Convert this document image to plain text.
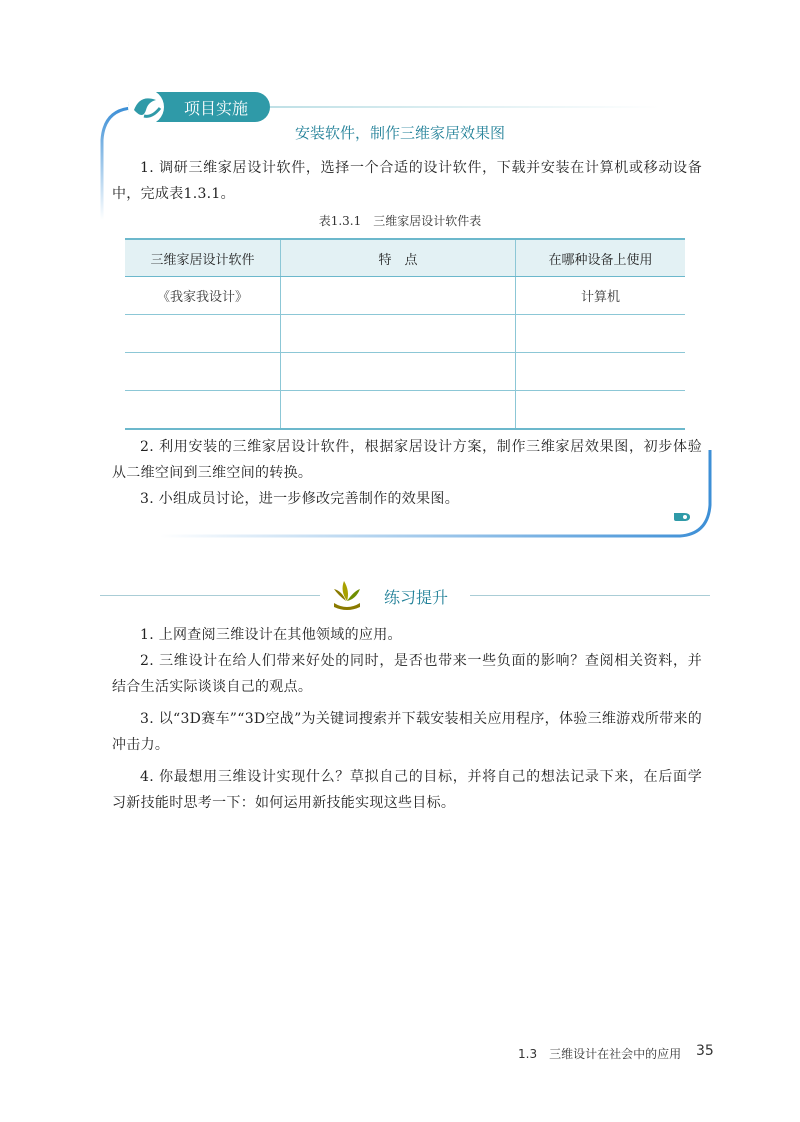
项目实施
安装软件，制作三维家居效果图
1. 调研三维家居设计软件，选择一个合适的设计软件，下载并安装在计算机或移动设备中，完成表1.3.1。
表1.3.1　三维家居设计软件表
三维家居设计软件	特　点	在哪种设备上使用
《我家我设计》		计算机

2. 利用安装的三维家居设计软件，根据家居设计方案，制作三维家居效果图，初步体验从二维空间到三维空间的转换。
3. 小组成员讨论，进一步修改完善制作的效果图。
练习提升
1. 上网查阅三维设计在其他领域的应用。
2. 三维设计在给人们带来好处的同时，是否也带来一些负面的影响？查阅相关资料，并结合生活实际谈谈自己的观点。
3. 以“3D赛车”“3D空战”为关键词搜索并下载安装相关应用程序，体验三维游戏所带来的冲击力。
4. 你最想用三维设计实现什么？草拟自己的目标，并将自己的想法记录下来，在后面学习新技能时思考一下：如何运用新技能实现这些目标。
1.3　三维设计在社会中的应用 35
